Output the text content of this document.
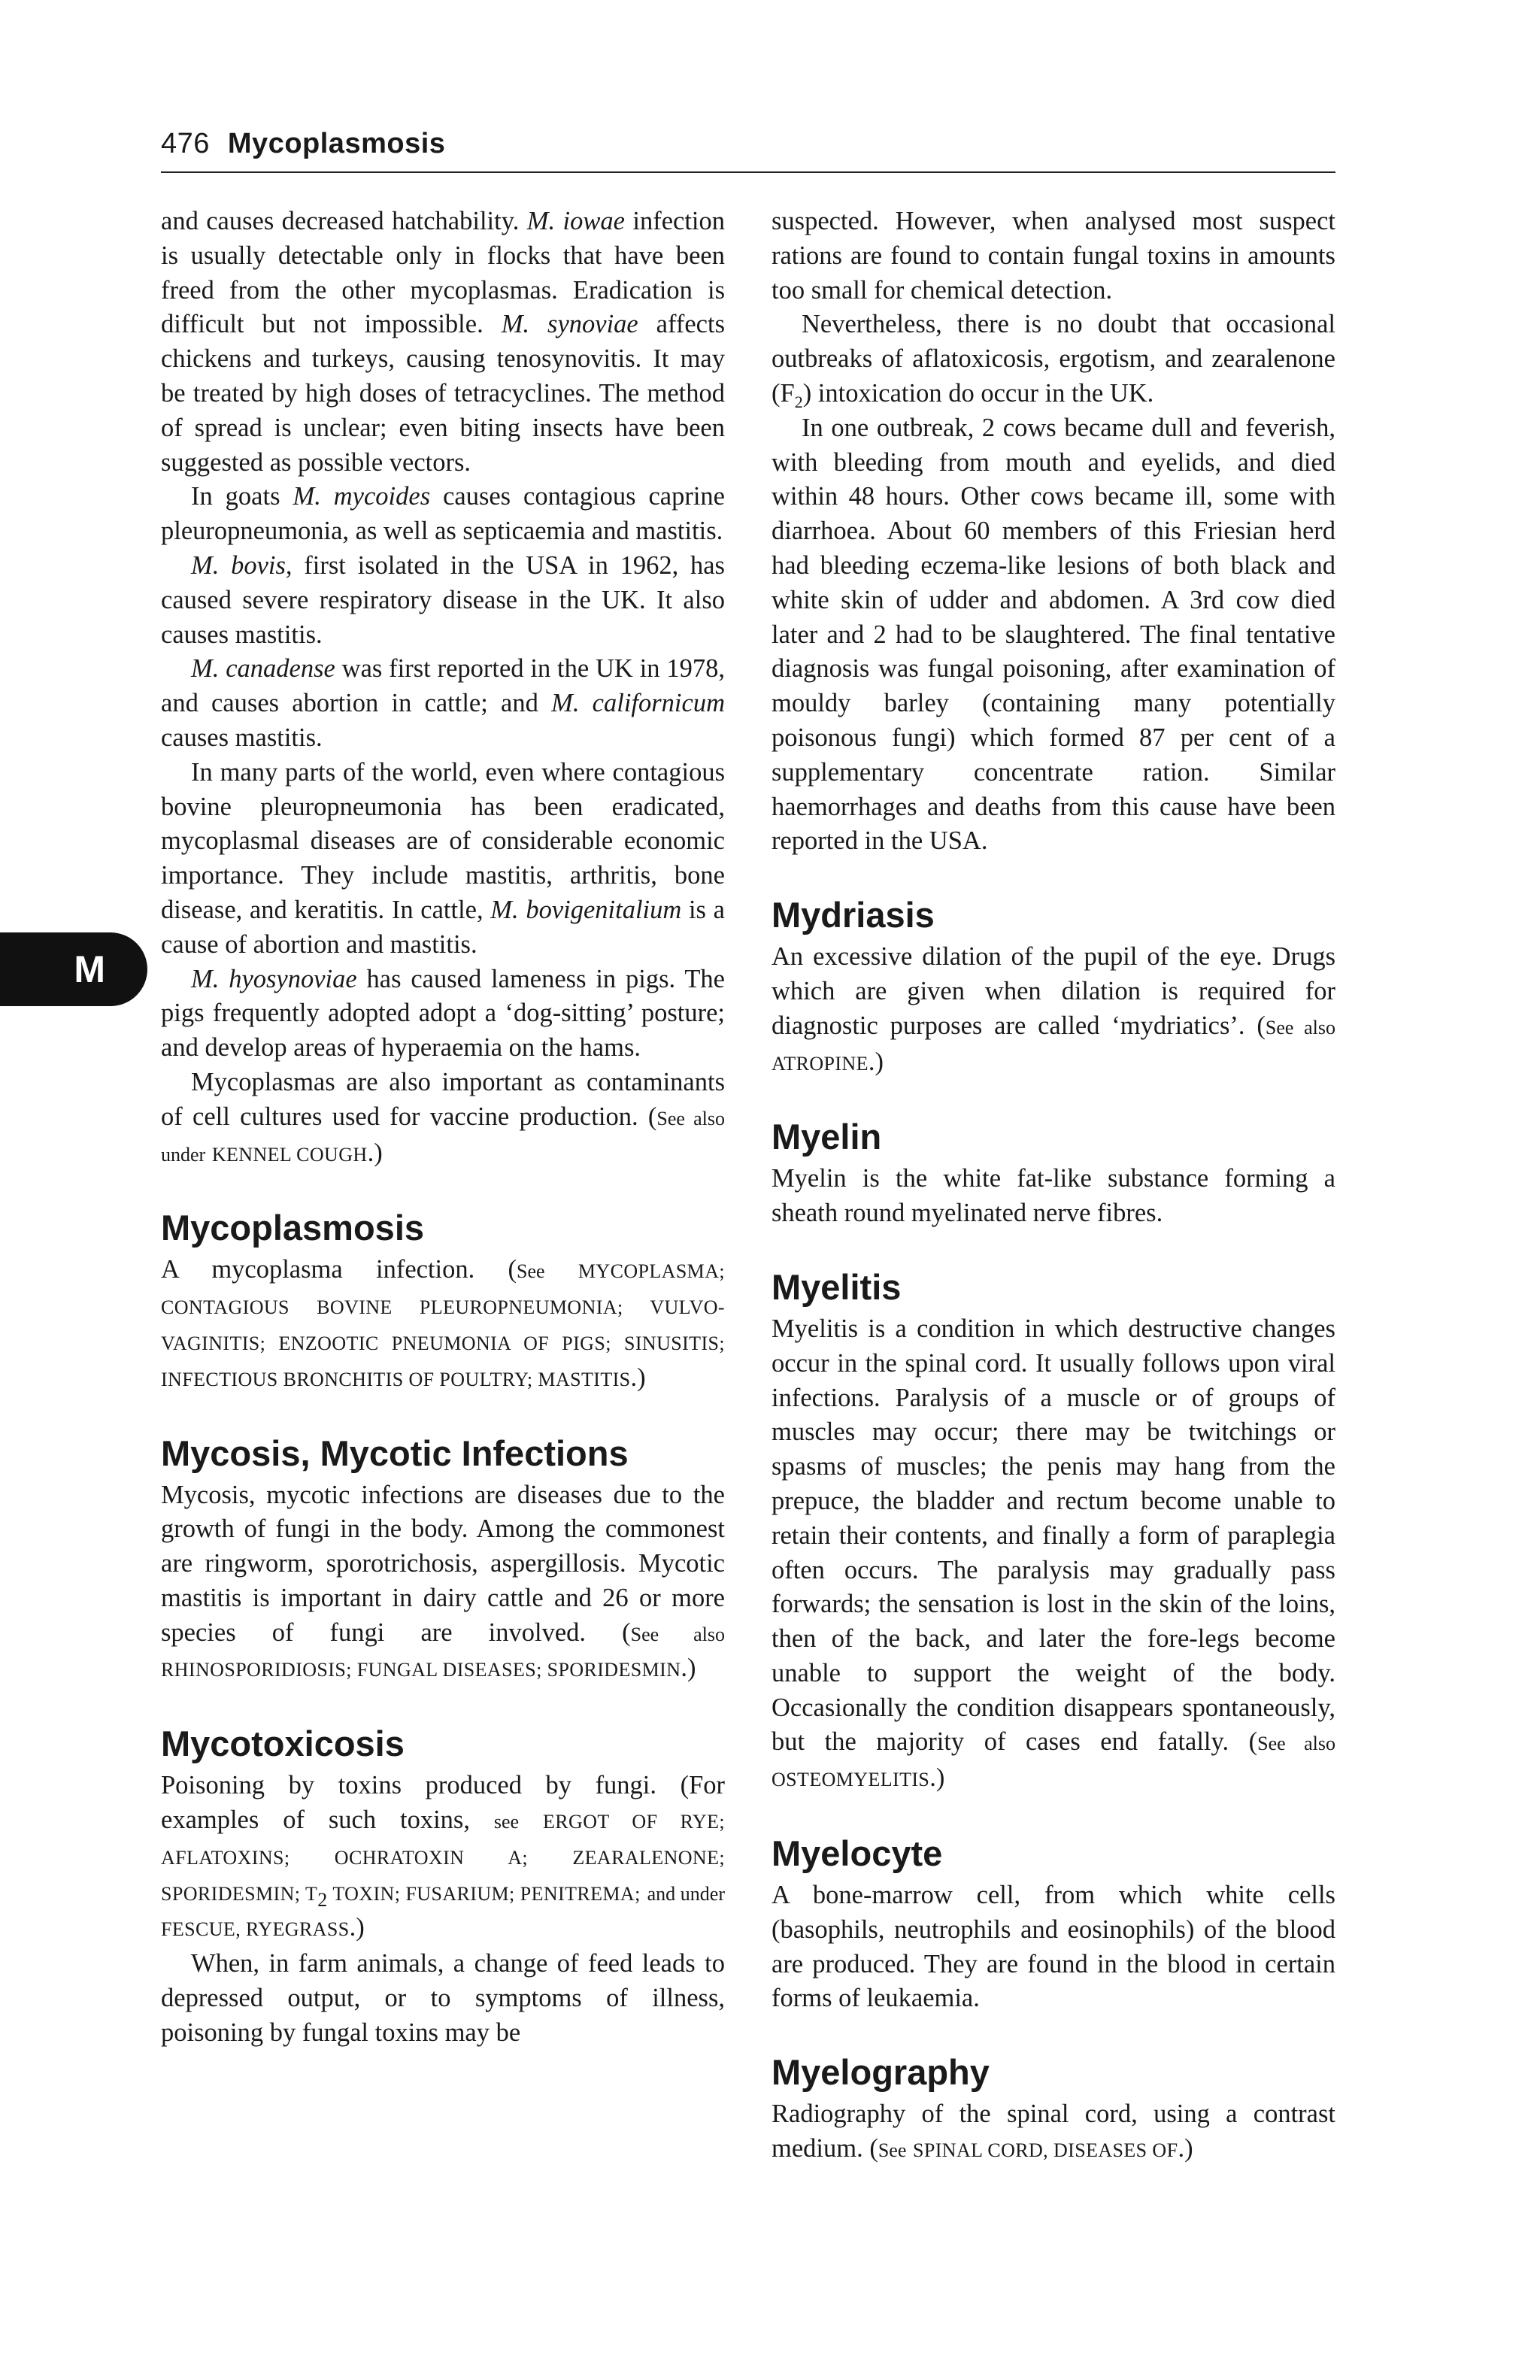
476 Mycoplasmosis
M

and causes decreased hatchability. M. iowae infection is usually detectable only in flocks that have been freed from the other mycoplasmas. Eradication is difficult but not impossible. M. synoviae affects chickens and turkeys, causing tenosynovitis. It may be treated by high doses of tetracyclines. The method of spread is unclear; even biting insects have been suggested as possible vectors.

In goats M. mycoides causes contagious caprine pleuropneumonia, as well as septicaemia and mastitis.

M. bovis, first isolated in the USA in 1962, has caused severe respiratory disease in the UK. It also causes mastitis.

M. canadense was first reported in the UK in 1978, and causes abortion in cattle; and M. californicum causes mastitis.

In many parts of the world, even where contagious bovine pleuropneumonia has been eradicated, mycoplasmal diseases are of considerable economic importance. They include mastitis, arthritis, bone disease, and keratitis. In cattle, M. bovigenitalium is a cause of abortion and mastitis.

M. hyosynoviae has caused lameness in pigs. The pigs frequently adopted adopt a ‘dog-sitting’ posture; and develop areas of hyperaemia on the hams.

Mycoplasmas are also important as contaminants of cell cultures used for vaccine production. (See also under KENNEL COUGH.)

Mycoplasmosis

A mycoplasma infection. (See MYCOPLASMA; CONTAGIOUS BOVINE PLEUROPNEUMONIA; VULVO-VAGINITIS; ENZOOTIC PNEUMONIA OF PIGS; SINUSITIS; INFECTIOUS BRONCHITIS OF POULTRY; MASTITIS.)

Mycosis, Mycotic Infections

Mycosis, mycotic infections are diseases due to the growth of fungi in the body. Among the commonest are ringworm, sporotrichosis, aspergillosis. Mycotic mastitis is important in dairy cattle and 26 or more species of fungi are involved. (See also RHINOSPORIDIOSIS; FUNGAL DISEASES; SPORIDESMIN.)

Mycotoxicosis

Poisoning by toxins produced by fungi. (For examples of such toxins, see ERGOT OF RYE; AFLATOXINS; OCHRATOXIN A; ZEARALENONE; SPORIDESMIN; $T_2$ TOXIN; FUSARIUM; PENITREMA; and under FESCUE, RYEGRASS.)

When, in farm animals, a change of feed leads to depressed output, or to symptoms of illness, poisoning by fungal toxins may be

suspected. However, when analysed most suspect rations are found to contain fungal toxins in amounts too small for chemical detection.

Nevertheless, there is no doubt that occasional outbreaks of aflatoxicosis, ergotism, and zearalenone $(F_2)$ intoxication do occur in the UK.

In one outbreak, 2 cows became dull and feverish, with bleeding from mouth and eyelids, and died within 48 hours. Other cows became ill, some with diarrhoea. About 60 members of this Friesian herd had bleeding eczema-like lesions of both black and white skin of udder and abdomen. A 3rd cow died later and 2 had to be slaughtered. The final tentative diagnosis was fungal poisoning, after examination of mouldy barley (containing many potentially poisonous fungi) which formed 87 per cent of a supplementary concentrate ration. Similar haemorrhages and deaths from this cause have been reported in the USA.

Mydriasis

An excessive dilation of the pupil of the eye. Drugs which are given when dilation is required for diagnostic purposes are called ‘mydriatics’. (See also ATROPINE.)

Myelin

Myelin is the white fat-like substance forming a sheath round myelinated nerve fibres.

Myelitis

Myelitis is a condition in which destructive changes occur in the spinal cord. It usually follows upon viral infections. Paralysis of a muscle or of groups of muscles may occur; there may be twitchings or spasms of muscles; the penis may hang from the prepuce, the bladder and rectum become unable to retain their contents, and finally a form of paraplegia often occurs. The paralysis may gradually pass forwards; the sensation is lost in the skin of the loins, then of the back, and later the fore-legs become unable to support the weight of the body. Occasionally the condition disappears spontaneously, but the majority of cases end fatally. (See also OSTEOMYELITIS.)

Myelocyte

A bone-marrow cell, from which white cells (basophils, neutrophils and eosinophils) of the blood are produced. They are found in the blood in certain forms of leukaemia.

Myelography

Radiography of the spinal cord, using a contrast medium. (See SPINAL CORD, DISEASES OF.)
